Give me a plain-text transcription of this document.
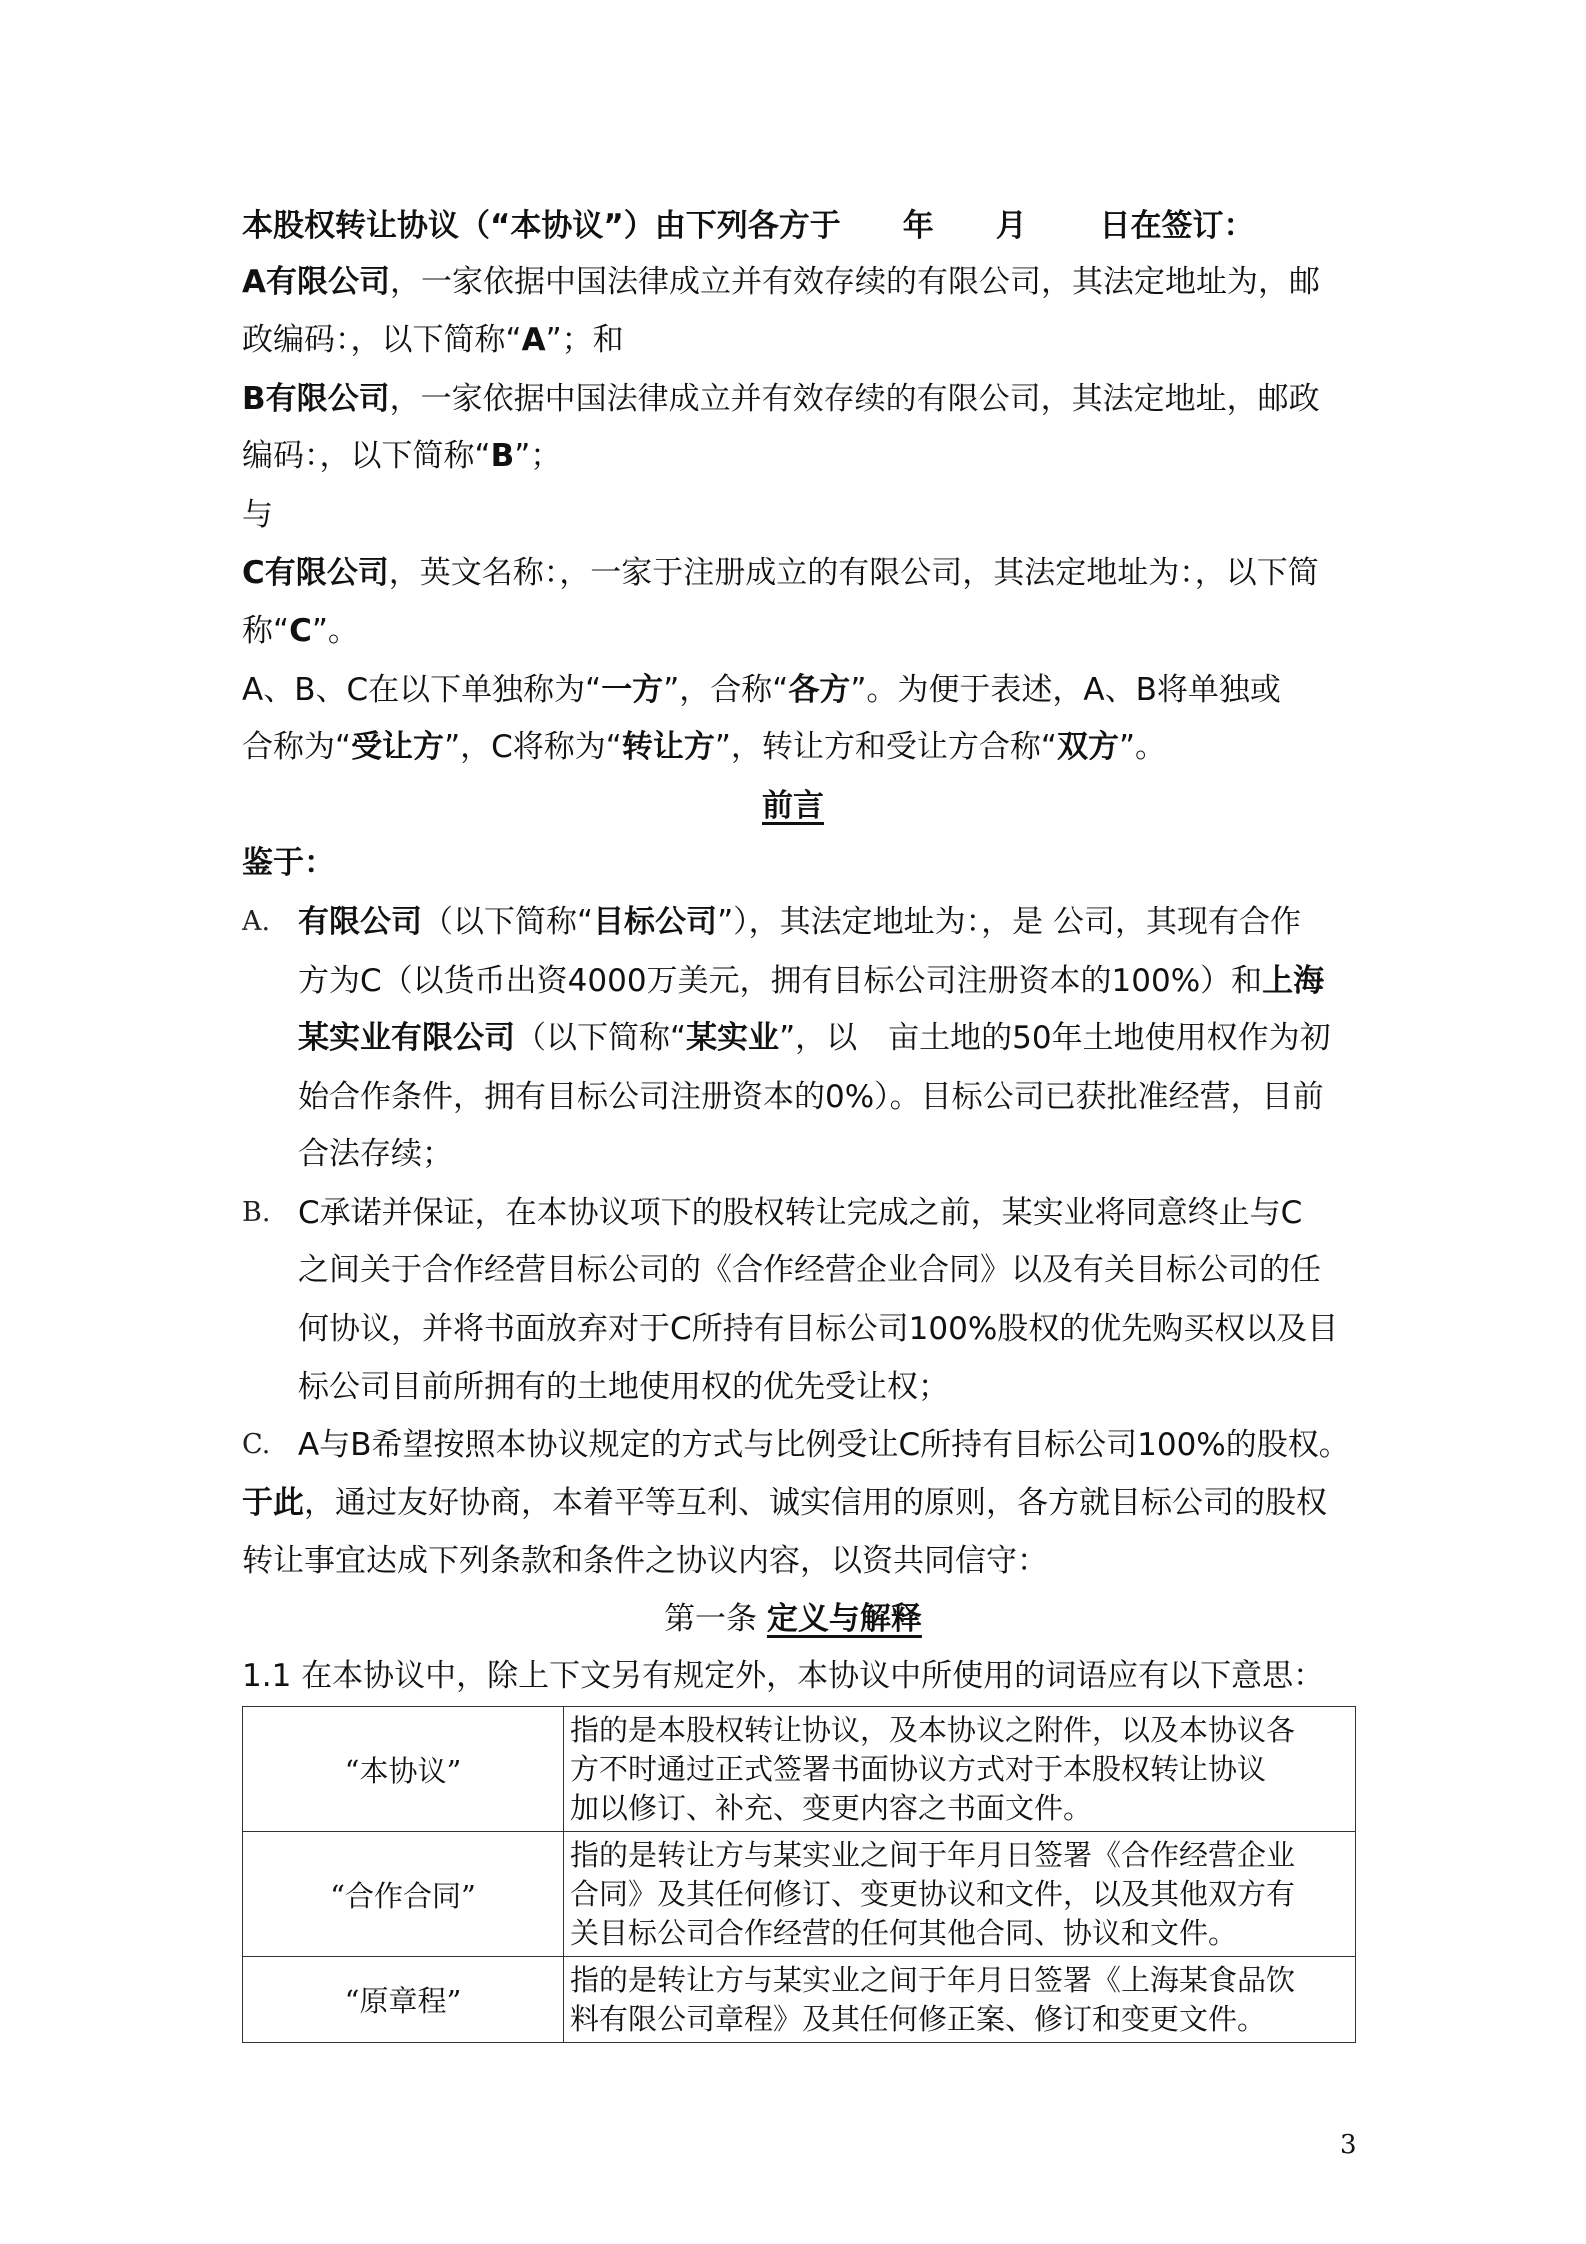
本股权转让协议（“本协议”）由下列各方于　　年　　月　　 日在签订：
A有限公司，一家依据中国法律成立并有效存续的有限公司，其法定地址为，邮
政编码：，以下简称“A”；和
B有限公司，一家依据中国法律成立并有效存续的有限公司，其法定地址，邮政
编码：，以下简称“B”；
与
C有限公司，英文名称：，一家于注册成立的有限公司，其法定地址为：，以下简
称“C”。
A、B、C在以下单独称为“一方”，合称“各方”。为便于表述，A、B将单独或
合称为“受让方”，C将称为“转让方”，转让方和受让方合称“双方”。
前言
鉴于：
A. 有限公司（以下简称“目标公司”），其法定地址为：，是 公司，其现有合作
方为C（以货币出资4000万美元，拥有目标公司注册资本的100%）和上海
某实业有限公司（以下简称“某实业”，以　亩土地的50年土地使用权作为初
始合作条件，拥有目标公司注册资本的0%）。目标公司已获批准经营，目前
合法存续；
B. C承诺并保证，在本协议项下的股权转让完成之前，某实业将同意终止与C
之间关于合作经营目标公司的《合作经营企业合同》以及有关目标公司的任
何协议，并将书面放弃对于C所持有目标公司100%股权的优先购买权以及目
标公司目前所拥有的土地使用权的优先受让权；
C. A与B希望按照本协议规定的方式与比例受让C所持有目标公司100%的股权。
于此，通过友好协商，本着平等互利、诚实信用的原则，各方就目标公司的股权
转让事宜达成下列条款和条件之协议内容，以资共同信守：
第一条 定义与解释
1.1 在本协议中，除上下文另有规定外，本协议中所使用的词语应有以下意思：
“本协议”	指的是本股权转让协议，及本协议之附件，以及本协议各
方不时通过正式签署书面协议方式对于本股权转让协议
加以修订、补充、变更内容之书面文件。

“合作合同”	指的是转让方与某实业之间于年月日签署《合作经营企业
合同》及其任何修订、变更协议和文件，以及其他双方有
关目标公司合作经营的任何其他合同、协议和文件。

“原章程”	指的是转让方与某实业之间于年月日签署《上海某食品饮
料有限公司章程》及其任何修正案、修订和变更文件。
3
